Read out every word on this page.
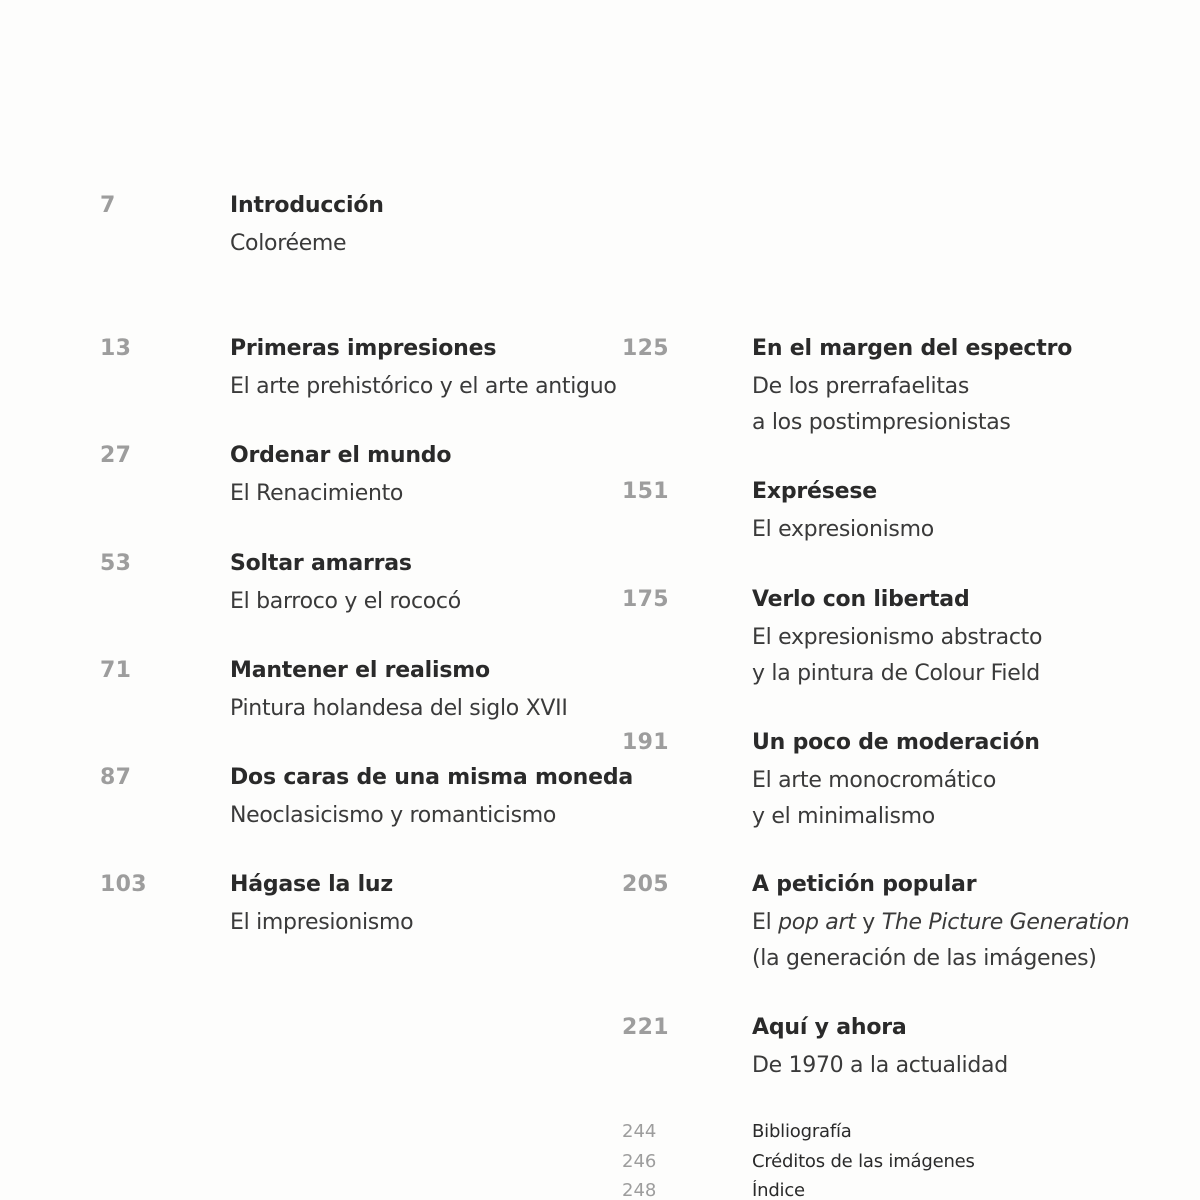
7	Introducción
Coloréeme
13	Primeras impresiones
El arte prehistórico y el arte antiguo
27	Ordenar el mundo
El Renacimiento
53	Soltar amarras
El barroco y el rococó
71	Mantener el realismo
Pintura holandesa del siglo XVII
87	Dos caras de una misma moneda
Neoclasicismo y romanticismo
103	Hágase la luz
El impresionismo
125	En el margen del espectro
De los prerrafaelitas
a los postimpresionistas
151	Exprésese
El expresionismo
175	Verlo con libertad
El expresionismo abstracto
y la pintura de Colour Field
191	Un poco de moderación
El arte monocromático
y el minimalismo
205	A petición popular
El pop art y The Picture Generation
(la generación de las imágenes)
221	Aquí y ahora
De 1970 a la actualidad
244	Bibliografía
246	Créditos de las imágenes
248	Índice
